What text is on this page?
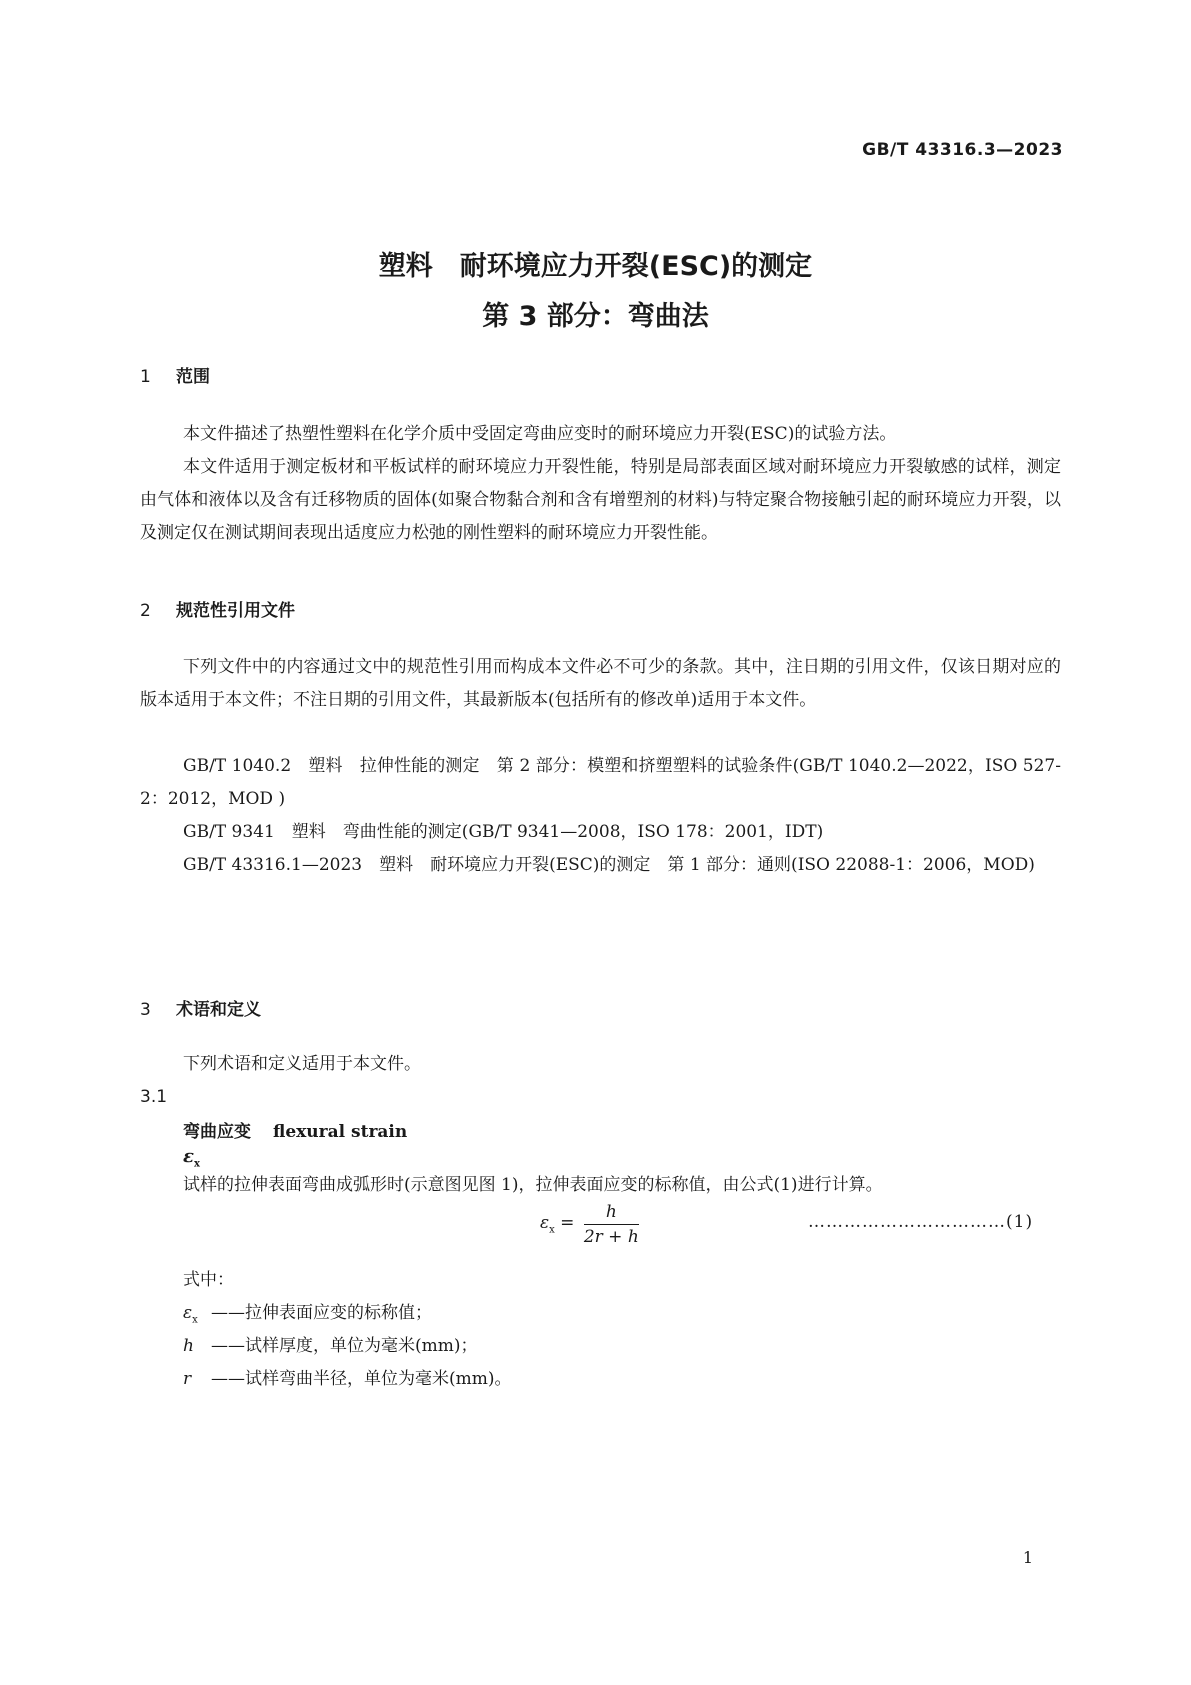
GB/T 43316.3—2023
塑料　耐环境应力开裂(ESC)的测定
第 3 部分：弯曲法
1 范围

本文件描述了热塑性塑料在化学介质中受固定弯曲应变时的耐环境应力开裂(ESC)的试验方法。

本文件适用于测定板材和平板试样的耐环境应力开裂性能，特别是局部表面区域对耐环境应力开裂敏感的试样，测定由气体和液体以及含有迁移物质的固体(如聚合物黏合剂和含有增塑剂的材料)与特定聚合物接触引起的耐环境应力开裂，以及测定仅在测试期间表现出适度应力松弛的刚性塑料的耐环境应力开裂性能。

2 规范性引用文件

下列文件中的内容通过文中的规范性引用而构成本文件必不可少的条款。其中，注日期的引用文件，仅该日期对应的版本适用于本文件；不注日期的引用文件，其最新版本(包括所有的修改单)适用于本文件。

GB/T 1040.2　塑料　拉伸性能的测定　第 2 部分：模塑和挤塑塑料的试验条件(GB/T 1040.2—2022，ISO 527-2：2012，MOD )

GB/T 9341　塑料　弯曲性能的测定(GB/T 9341—2008，ISO 178：2001，IDT)

GB/T 43316.1—2023　塑料　耐环境应力开裂(ESC)的测定　第 1 部分：通则(ISO 22088-1：2006，MOD)

3 术语和定义

下列术语和定义适用于本文件。

3.1
弯曲应变 flexural strain
$\varepsilon_x$

试样的拉伸表面弯曲成弧形时(示意图见图 1)，拉伸表面应变的标称值，由公式(1)进行计算。

$\varepsilon_x = \frac{h}{2r + h}$	……………………………(1)
式中：
$\varepsilon_x$ ——拉伸表面应变的标称值；
h ——试样厚度，单位为毫米(mm)；
r ——试样弯曲半径，单位为毫米(mm)。
1
